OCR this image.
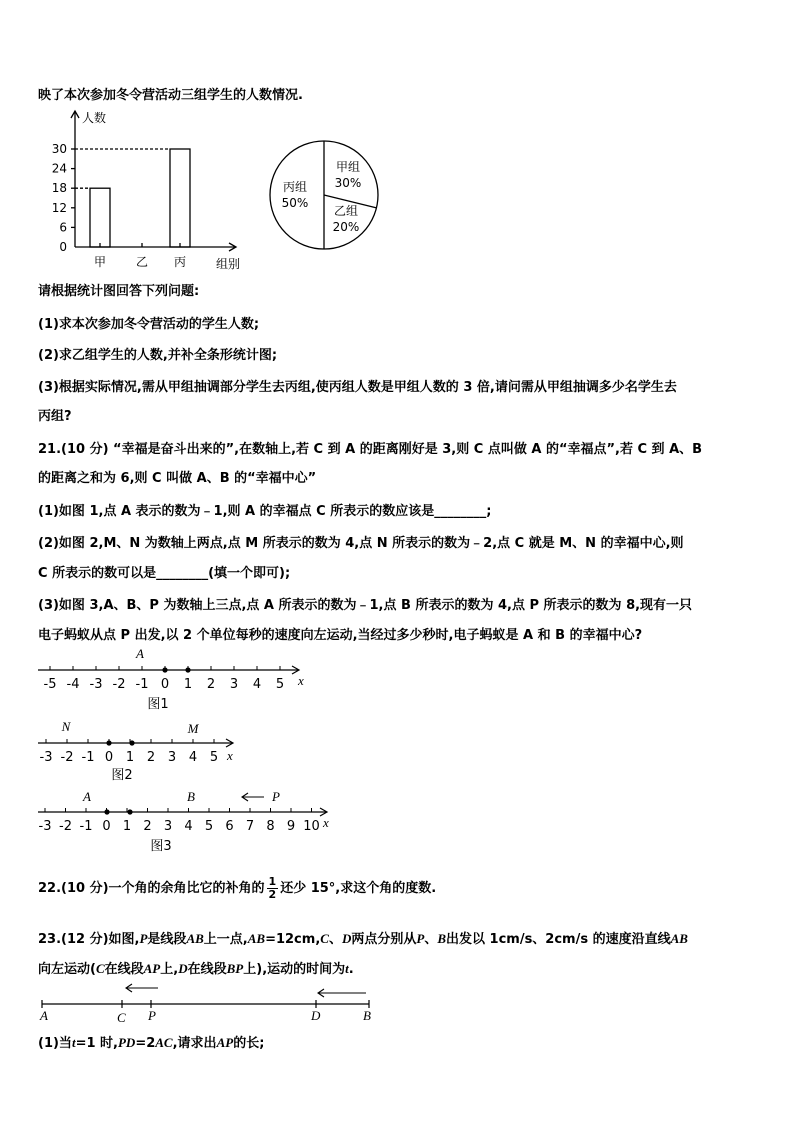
映了本次参加冬令营活动三组学生的人数情况.
人数
组别
0
6
12
18
24
30
甲 乙 丙
甲组
30%
乙组
20%
丙组
50%
请根据统计图回答下列问题:
(1)求本次参加冬令营活动的学生人数;
(2)求乙组学生的人数,并补全条形统计图;
(3)根据实际情况,需从甲组抽调部分学生去丙组,使丙组人数是甲组人数的 3 倍,请问需从甲组抽调多少名学生去
丙组?
21.(10 分) “幸福是奋斗出来的”,在数轴上,若 C 到 A 的距离刚好是 3,则 C 点叫做 A 的“幸福点”,若 C 到 A、B
的距离之和为 6,则 C 叫做 A、B 的“幸福中心”
(1)如图 1,点 A 表示的数为﹣1,则 A 的幸福点 C 所表示的数应该是________;
(2)如图 2,M、N 为数轴上两点,点 M 所表示的数为 4,点 N 所表示的数为﹣2,点 C 就是 M、N 的幸福中心,则
C 所表示的数可以是________(填一个即可);
(3)如图 3,A、B、P 为数轴上三点,点 A 所表示的数为﹣1,点 B 所表示的数为 4,点 P 所表示的数为 8,现有一只
电子蚂蚁从点 P 出发,以 2 个单位每秒的速度向左运动,当经过多少秒时,电子蚂蚁是 A 和 B 的幸福中心?
-5 -4 -3 -2 -1 0 1 2 3 4 5
A
x
图1
-3 -2 -1 0 1 2 3 4 5
N	M
x
图2
-3 -2 -1 0 1 2 3 4 5 6 7 8 9 10
A	B	P
x
图3
22.(10 分)一个角的余角比它的补角的 $\frac{1}{2}$ 还少 15°,求这个角的度数.
23.(12 分)如图,P是线段AB上一点,AB=12cm,C、D两点分别从P、B出发以 1cm/s、2cm/s 的速度沿直线AB
向左运动(C在线段AP上,D在线段BP上),运动的时间为t.
A	C P	D	B
(1)当t=1 时,PD=2AC,请求出AP的长;
